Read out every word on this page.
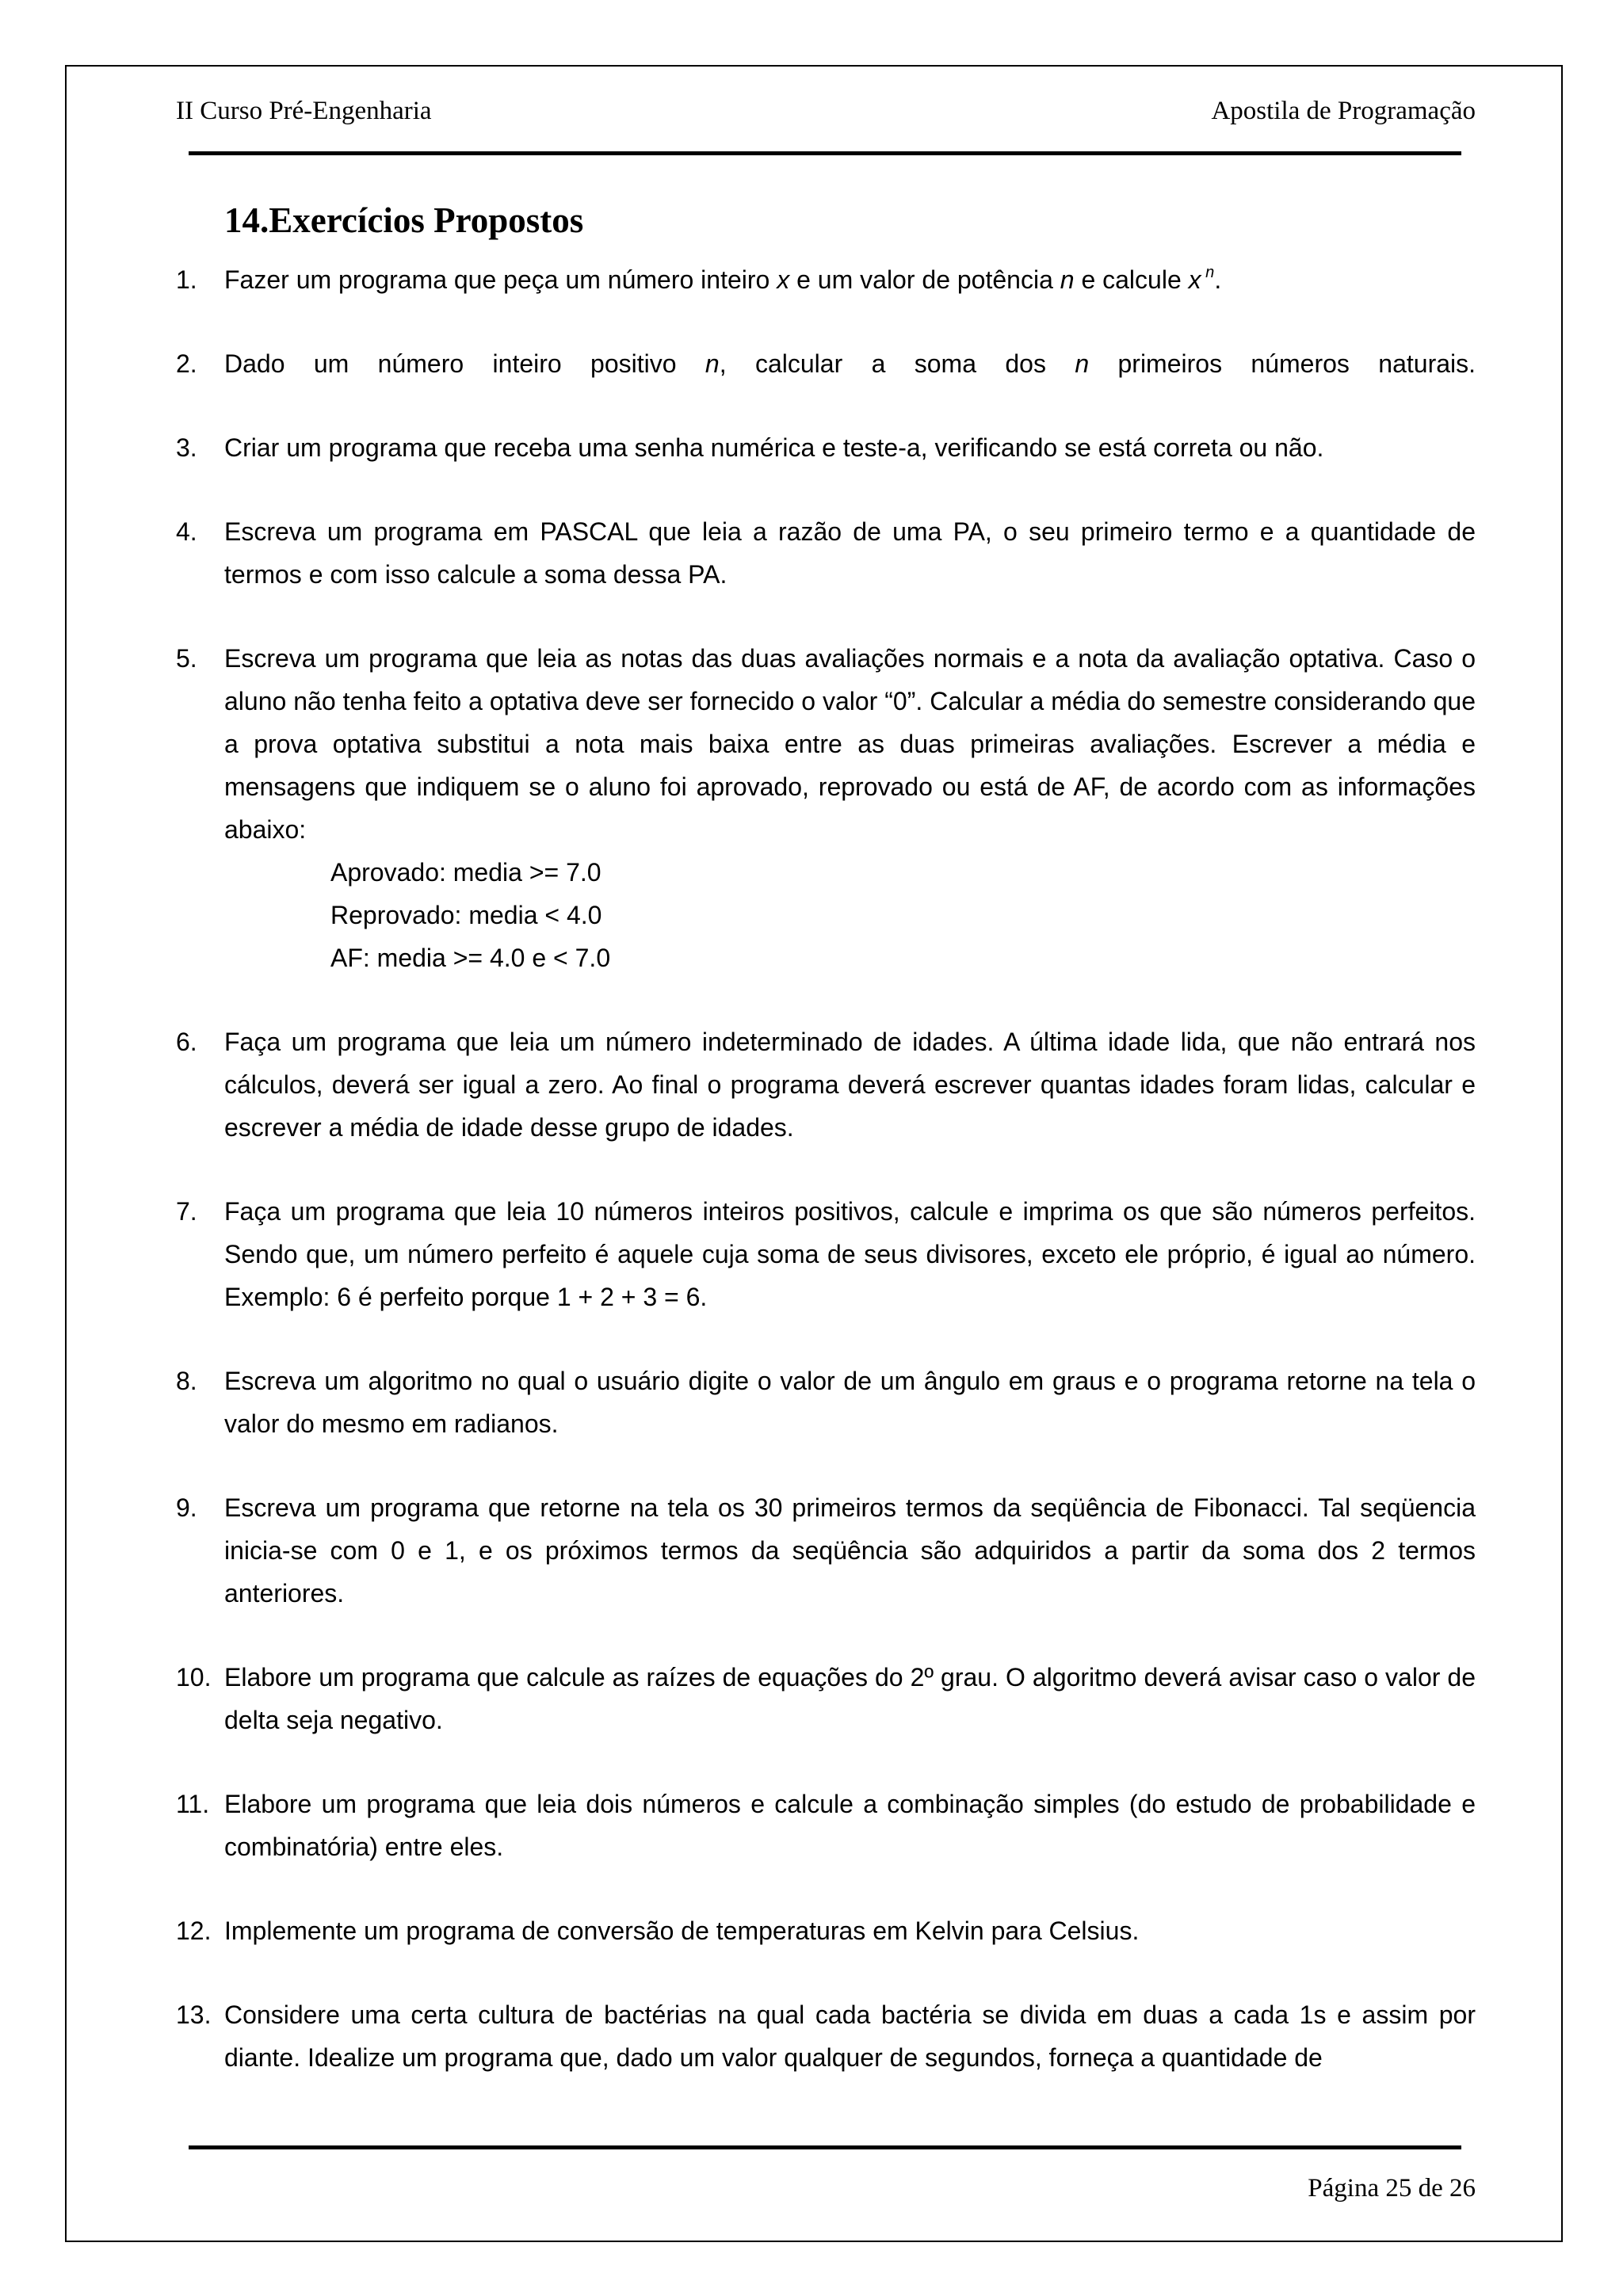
II Curso Pré-Engenharia	Apostila de Programação
14.Exercícios Propostos
1.	Fazer um programa que peça um número inteiro x e um valor de potência n e calcule x $^n$.
2.	Dado um número inteiro positivo n, calcular a soma dos n primeiros números naturais.
3.	Criar um programa que receba uma senha numérica e teste-a, verificando se está correta ou não.
4.	Escreva um programa em PASCAL que leia a razão de uma PA, o seu primeiro termo e a quantidade de termos e com isso calcule a soma dessa PA.
5.	Escreva um programa que leia as notas das duas avaliações normais e a nota da avaliação optativa. Caso o aluno não tenha feito a optativa deve ser fornecido o valor “0”. Calcular a média do semestre considerando que a prova optativa substitui a nota mais baixa entre as duas primeiras avaliações. Escrever a média e mensagens que indiquem se o aluno foi aprovado, reprovado ou está de AF, de acordo com as informações abaixo:
Aprovado: media >= 7.0
Reprovado: media < 4.0
AF: media >= 4.0 e < 7.0
6.	Faça um programa que leia um número indeterminado de idades. A última idade lida, que não entrará nos cálculos, deverá ser igual a zero. Ao final o programa deverá escrever quantas idades foram lidas, calcular e escrever a média de idade desse grupo de idades.
7.	Faça um programa que leia 10 números inteiros positivos, calcule e imprima os que são números perfeitos. Sendo que, um número perfeito é aquele cuja soma de seus divisores, exceto ele próprio, é igual ao número. Exemplo: 6 é perfeito porque 1 + 2 + 3 = 6.
8.	Escreva um algoritmo no qual o usuário digite o valor de um ângulo em graus e o programa retorne na tela o valor do mesmo em radianos.
9.	Escreva um programa que retorne na tela os 30 primeiros termos da seqüência de Fibonacci. Tal seqüencia inicia-se com 0 e 1, e os próximos termos da seqüência são adquiridos a partir da soma dos 2 termos anteriores.
10. Elabore um programa que calcule as raízes de equações do 2º grau. O algoritmo deverá avisar caso o valor de delta seja negativo.
11. Elabore um programa que leia dois números e calcule a combinação simples (do estudo de probabilidade e combinatória) entre eles.
12. Implemente um programa de conversão de temperaturas em Kelvin para Celsius.
13. Considere uma certa cultura de bactérias na qual cada bactéria se divida em duas a cada 1s e assim por diante. Idealize um programa que, dado um valor qualquer de segundos, forneça a quantidade de
Página 25 de 26
